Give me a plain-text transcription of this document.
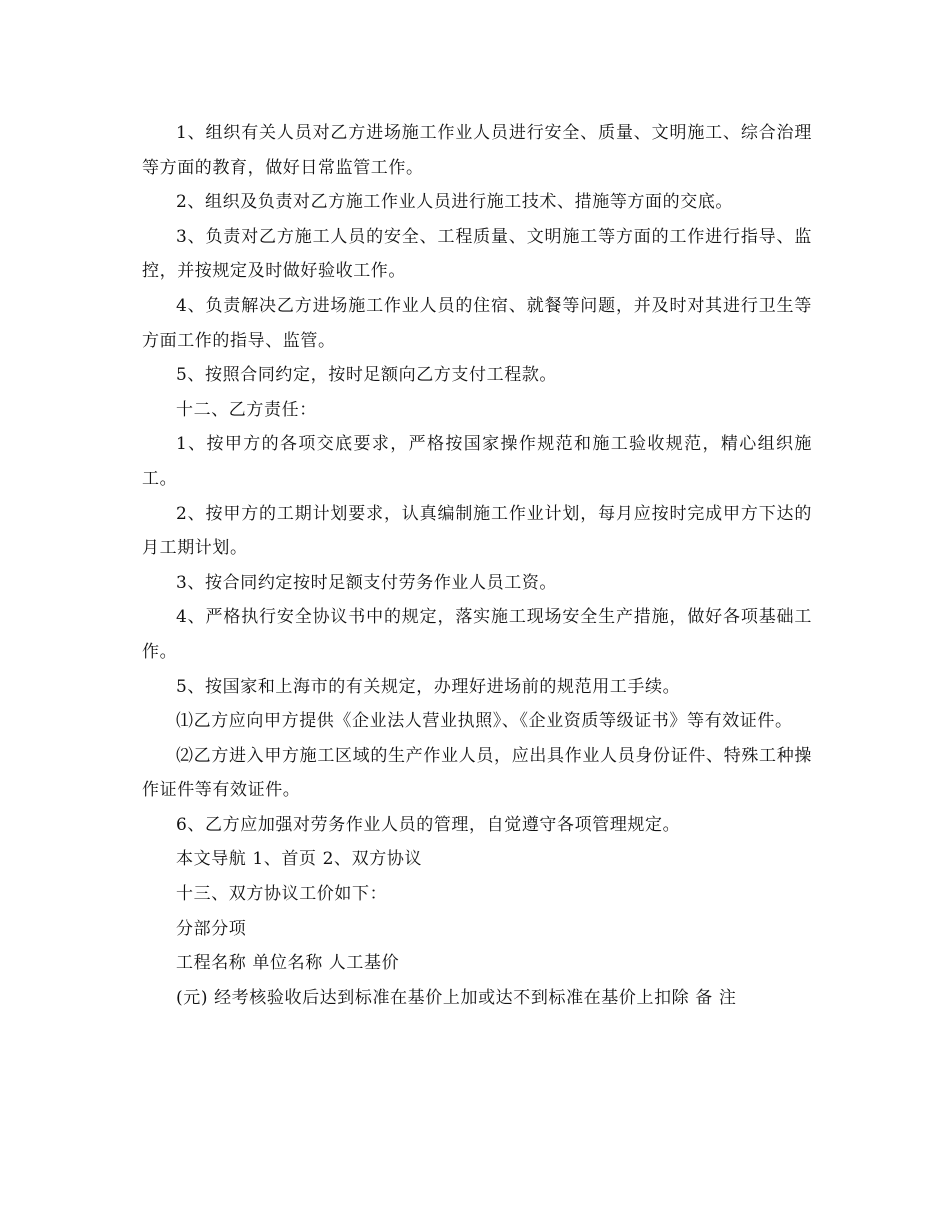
1、组织有关人员对乙方进场施工作业人员进行安全、质量、文明施工、综合治理等方面的教育，做好日常监管工作。

2、组织及负责对乙方施工作业人员进行施工技术、措施等方面的交底。

3、负责对乙方施工人员的安全、工程质量、文明施工等方面的工作进行指导、监控，并按规定及时做好验收工作。

4、负责解决乙方进场施工作业人员的住宿、就餐等问题，并及时对其进行卫生等方面工作的指导、监管。

5、按照合同约定，按时足额向乙方支付工程款。

十二、乙方责任：

1、按甲方的各项交底要求，严格按国家操作规范和施工验收规范，精心组织施工。

2、按甲方的工期计划要求，认真编制施工作业计划，每月应按时完成甲方下达的月工期计划。

3、按合同约定按时足额支付劳务作业人员工资。

4、严格执行安全协议书中的规定，落实施工现场安全生产措施，做好各项基础工作。

5、按国家和上海市的有关规定，办理好进场前的规范用工手续。

⑴乙方应向甲方提供《企业法人营业执照》、《企业资质等级证书》等有效证件。

⑵乙方进入甲方施工区域的生产作业人员，应出具作业人员身份证件、特殊工种操作证件等有效证件。

6、乙方应加强对劳务作业人员的管理，自觉遵守各项管理规定。

本文导航 1、首页 2、双方协议

十三、双方协议工价如下：

分部分项

工程名称 单位名称 人工基价

(元) 经考核验收后达到标准在基价上加或达不到标准在基价上扣除 备 注
